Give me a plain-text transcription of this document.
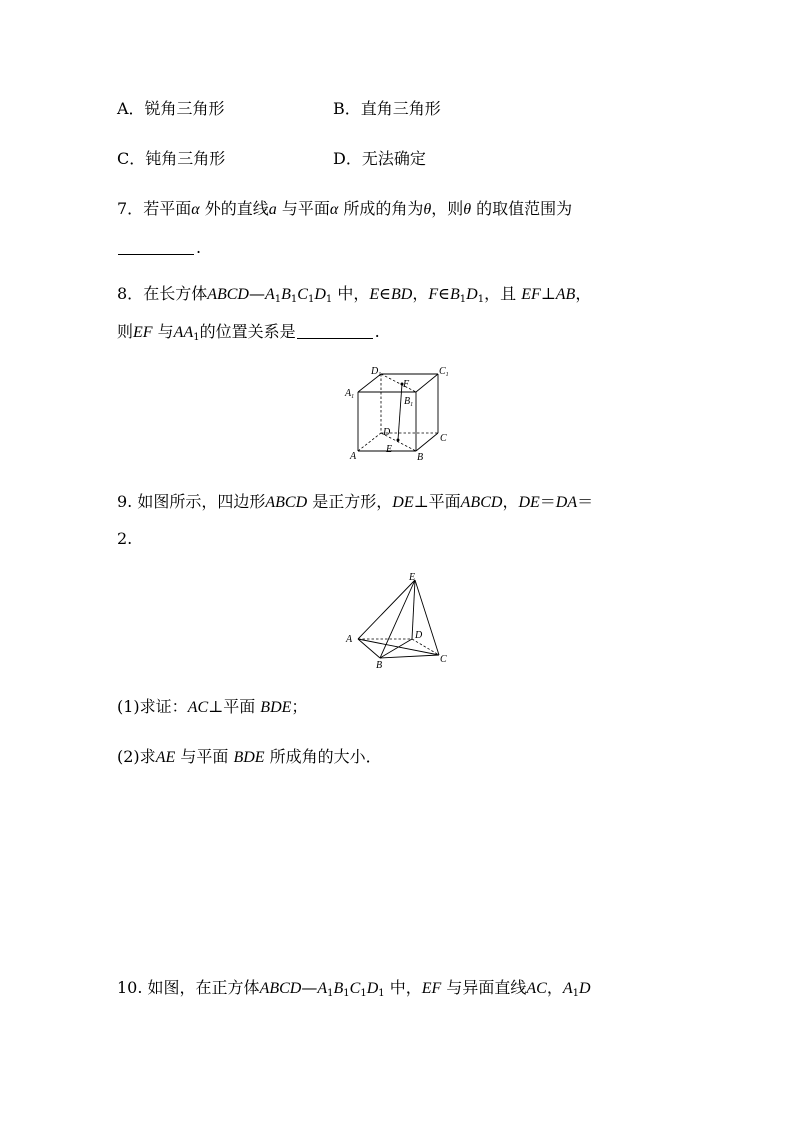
A．锐角三角形	B．直角三角形
C．钝角三角形	D．无法确定
7．若平面α 外的直线a 与平面α 所成的角为θ，则θ 的取值范围为
.
8．在长方体$ABCD—A_1B_1C_1D_1$ 中，E∈BD，$F\in B_1D_1$，且 EF⊥AB，
则EF 与$AA_1$的位置关系是	.
$D_1$	$C_1$
$A_1$	$B_1$
F
D
C
A
E
B
9. 如图所示，四边形ABCD 是正方形，DE⊥平面ABCD，DE＝DA＝
2.
E
A	D
B
C
(1)求证：AC⊥平面 BDE；
(2)求AE 与平面 BDE 所成角的大小．
10. 如图，在正方体$ABCD—A_1B_1C_1D_1$ 中，EF 与异面直线AC，$A_1D$
